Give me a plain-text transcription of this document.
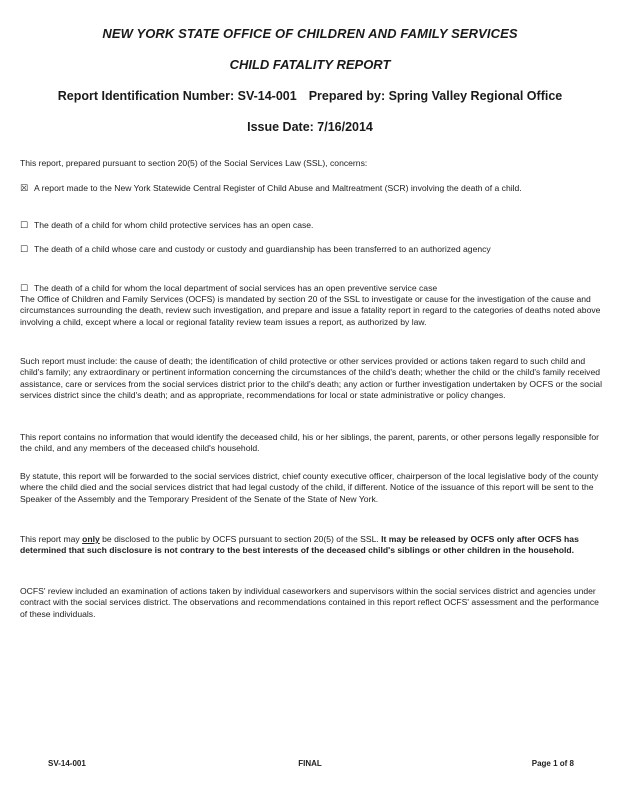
NEW YORK STATE OFFICE OF CHILDREN AND FAMILY SERVICES
CHILD FATALITY REPORT
Report Identification Number: SV-14-001 Prepared by: Spring Valley Regional Office
Issue Date: 7/16/2014
This report, prepared pursuant to section 20(5) of the Social Services Law (SSL), concerns:
☒ A report made to the New York Statewide Central Register of Child Abuse and Maltreatment (SCR) involving the death of a child.
☐ The death of a child for whom child protective services has an open case.
☐ The death of a child whose care and custody or custody and guardianship has been transferred to an authorized agency
☐ The death of a child for whom the local department of social services has an open preventive service case
The Office of Children and Family Services (OCFS) is mandated by section 20 of the SSL to investigate or cause for the investigation of the cause and circumstances surrounding the death, review such investigation, and prepare and issue a fatality report in regard to the categories of deaths noted above involving a child, except where a local or regional fatality review team issues a report, as authorized by law.
Such report must include: the cause of death; the identification of child protective or other services provided or actions taken regard to such child and child's family; any extraordinary or pertinent information concerning the circumstances of the child's death; whether the child or the child's family received assistance, care or services from the social services district prior to the child's death; any action or further investigation undertaken by OCFS or the social services district since the child's death; and as appropriate, recommendations for local or state administrative or policy changes.
This report contains no information that would identify the deceased child, his or her siblings, the parent, parents, or other persons legally responsible for the child, and any members of the deceased child's household.
By statute, this report will be forwarded to the social services district, chief county executive officer, chairperson of the local legislative body of the county where the child died and the social services district that had legal custody of the child, if different. Notice of the issuance of this report will be sent to the Speaker of the Assembly and the Temporary President of the Senate of the State of New York.
This report may only be disclosed to the public by OCFS pursuant to section 20(5) of the SSL. It may be released by OCFS only after OCFS has determined that such disclosure is not contrary to the best interests of the deceased child's siblings or other children in the household.
OCFS' review included an examination of actions taken by individual caseworkers and supervisors within the social services district and agencies under contract with the social services district. The observations and recommendations contained in this report reflect OCFS' assessment and the performance of these individuals.
SV-14-001	FINAL	Page 1 of 8
